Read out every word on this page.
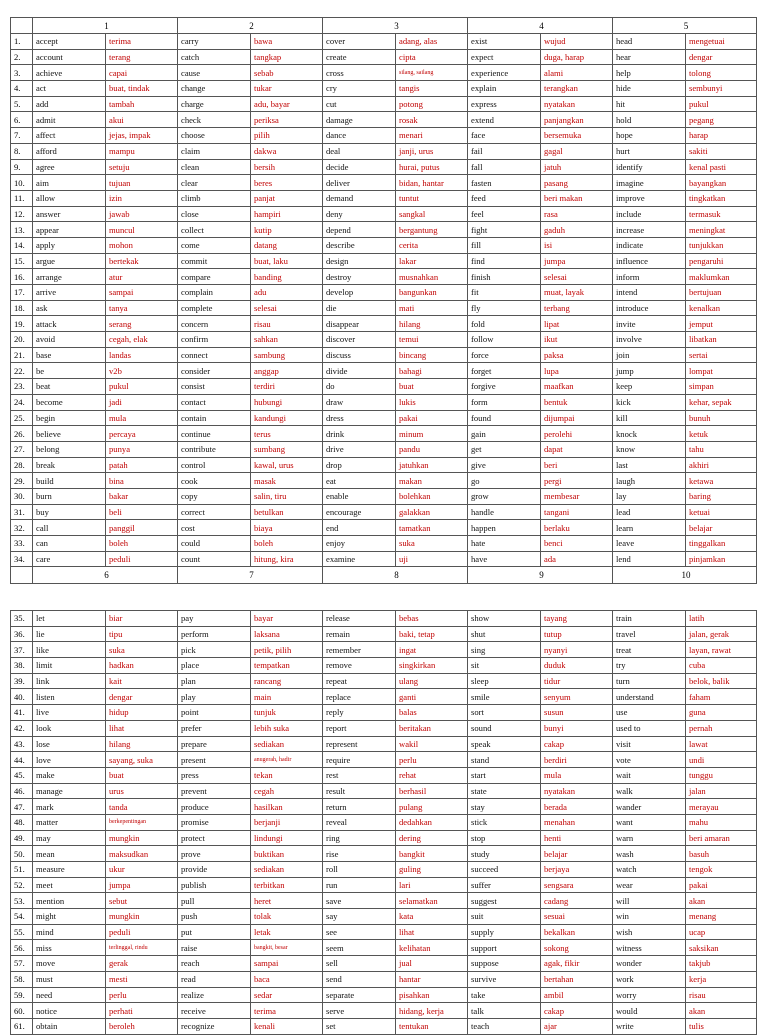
	1		2		3		4		5	
1.	accept	terima	carry	bawa	cover	adang, alas	exist	wujud	head	mengetuai
2.	account	terang	catch	tangkap	create	cipta	expect	duga, harap	hear	dengar
3.	achieve	capai	cause	sebab	cross	silang, sailang	experience	alami	help	tolong
4.	act	buat, tindak	change	tukar	cry	tangis	explain	terangkan	hide	sembunyi
5.	add	tambah	charge	adu, bayar	cut	potong	express	nyatakan	hit	pukul
6.	admit	akui	check	periksa	damage	rosak	extend	panjangkan	hold	pegang
7.	affect	jejas, impak	choose	pilih	dance	menari	face	bersemuka	hope	harap
8.	afford	mampu	claim	dakwa	deal	janji, urus	fail	gagal	hurt	sakiti
9.	agree	setuju	clean	bersih	decide	hurai, putus	fall	jatuh	identify	kenal pasti
10.	aim	tujuan	clear	beres	deliver	bidan, hantar	fasten	pasang	imagine	bayangkan
11.	allow	izin	climb	panjat	demand	tuntut	feed	beri makan	improve	tingkatkan
12.	answer	jawab	close	hampiri	deny	sangkal	feel	rasa	include	termasuk
13.	appear	muncul	collect	kutip	depend	bergantung	fight	gaduh	increase	meningkat
14.	apply	mohon	come	datang	describe	cerita	fill	isi	indicate	tunjukkan
15.	argue	bertekak	commit	buat, laku	design	lakar	find	jumpa	influence	pengaruhi
16.	arrange	atur	compare	banding	destroy	musnahkan	finish	selesai	inform	maklumkan
17.	arrive	sampai	complain	adu	develop	bangunkan	fit	muat, layak	intend	bertujuan
18.	ask	tanya	complete	selesai	die	mati	fly	terbang	introduce	kenalkan
19.	attack	serang	concern	risau	disappear	hilang	fold	lipat	invite	jemput
20.	avoid	cegah, elak	confirm	sahkan	discover	temui	follow	ikut	involve	libatkan
21.	base	landas	connect	sambung	discuss	bincang	force	paksa	join	sertai
22.	be	v2b	consider	anggap	divide	bahagi	forget	lupa	jump	lompat
23.	beat	pukul	consist	terdiri	do	buat	forgive	maafkan	keep	simpan
24.	become	jadi	contact	hubungi	draw	lukis	form	bentuk	kick	kehar, sepak
25.	begin	mula	contain	kandungi	dress	pakai	found	dijumpai	kill	bunuh
26.	believe	percaya	continue	terus	drink	minum	gain	perolehi	knock	ketuk
27.	belong	punya	contribute	sumbang	drive	pandu	get	dapat	know	tahu
28.	break	patah	control	kawal, urus	drop	jatuhkan	give	beri	last	akhiri
29.	build	bina	cook	masak	eat	makan	go	pergi	laugh	ketawa
30.	burn	bakar	copy	salin, tiru	enable	bolehkan	grow	membesar	lay	baring
31.	buy	beli	correct	betulkan	encourage	galakkan	handle	tangani	lead	ketuai
32.	call	panggil	cost	biaya	end	tamatkan	happen	berlaku	learn	belajar
33.	can	boleh	could	boleh	enjoy	suka	hate	benci	leave	tinggalkan
34.	care	peduli	count	hitung, kira	examine	uji	have	ada	lend	pinjamkan
	6		7		8		9		10	
35.	let	biar	pay	bayar	release	bebas	show	tayang	train	latih
36.	lie	tipu	perform	laksana	remain	baki, tetap	shut	tutup	travel	jalan, gerak
37.	like	suka	pick	petik, pilih	remember	ingat	sing	nyanyi	treat	layan, rawat
38.	limit	hadkan	place	tempatkan	remove	singkirkan	sit	duduk	try	cuba
39.	link	kait	plan	rancang	repeat	ulang	sleep	tidur	turn	belok, balik
40.	listen	dengar	play	main	replace	ganti	smile	senyum	understand	faham
41.	live	hidup	point	tunjuk	reply	balas	sort	susun	use	guna
42.	look	lihat	prefer	lebih suka	report	beritakan	sound	bunyi	used to	pernah
43.	lose	hilang	prepare	sediakan	represent	wakil	speak	cakap	visit	lawat
44.	love	sayang, suka	present	anugerah, hadir	require	perlu	stand	berdiri	vote	undi
45.	make	buat	press	tekan	rest	rehat	start	mula	wait	tunggu
46.	manage	urus	prevent	cegah	result	berhasil	state	nyatakan	walk	jalan
47.	mark	tanda	produce	hasilkan	return	pulang	stay	berada	wander	merayau
48.	matter	berkepentingan	promise	berjanji	reveal	dedahkan	stick	menahan	want	mahu
49.	may	mungkin	protect	lindungi	ring	dering	stop	henti	warn	beri amaran
50.	mean	maksudkan	prove	buktikan	rise	bangkit	study	belajar	wash	basuh
51.	measure	ukur	provide	sediakan	roll	guling	succeed	berjaya	watch	tengok
52.	meet	jumpa	publish	terbitkan	run	lari	suffer	sengsara	wear	pakai
53.	mention	sebut	pull	heret	save	selamatkan	suggest	cadang	will	akan
54.	might	mungkin	push	tolak	say	kata	suit	sesuai	win	menang
55.	mind	peduli	put	letak	see	lihat	supply	bekalkan	wish	ucap
56.	miss	terlinggal, rindu	raise	bangkit, besar	seem	kelihatan	support	sokong	witness	saksikan
57.	move	gerak	reach	sampai	sell	jual	suppose	agak, fikir	wonder	takjub
58.	must	mesti	read	baca	send	hantar	survive	bertahan	work	kerja
59.	need	perlu	realize	sedar	separate	pisahkan	take	ambil	worry	risau
60.	notice	perhati	receive	terima	serve	hidang, kerja	talk	cakap	would	akan
61.	obtain	beroleh	recognize	kenali	set	tentukan	teach	ajar	write	tulis
